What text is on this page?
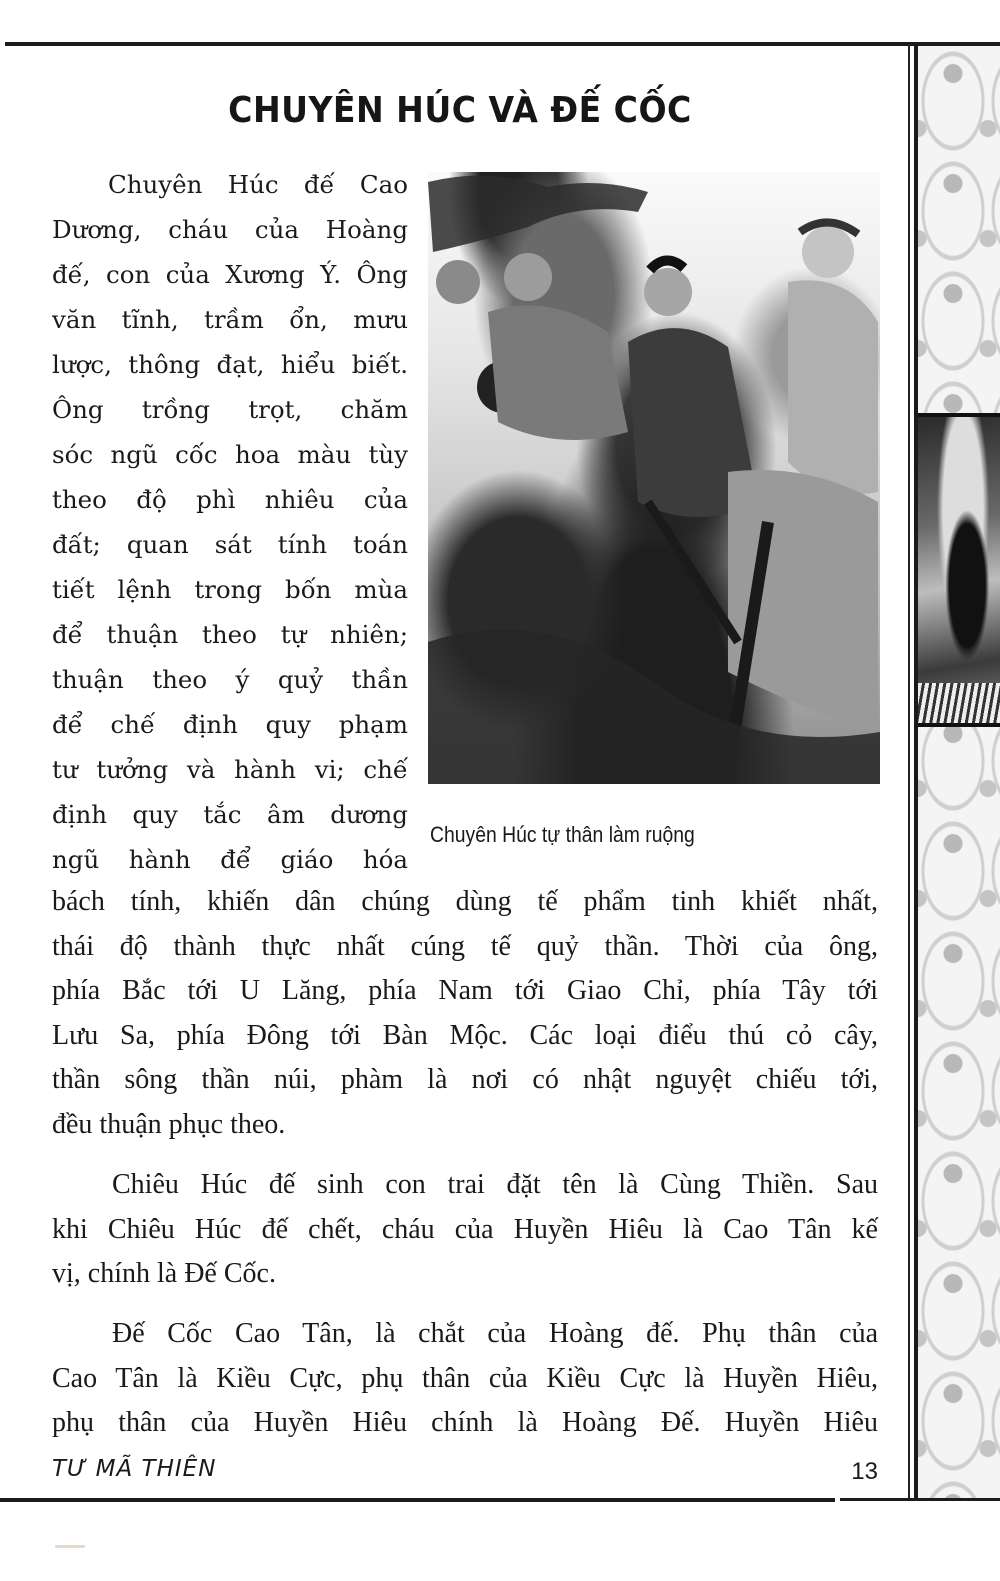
CHUYÊN HÚC VÀ ĐẾ CỐC
Chuyên Húc đế Cao
Dương, cháu của Hoàng
đế, con của Xương Ý. Ông
văn tĩnh, trầm ổn, mưu
lược, thông đạt, hiểu biết.
Ông trồng trọt, chăm
sóc ngũ cốc hoa màu tùy
theo độ phì nhiêu của
đất; quan sát tính toán
tiết lệnh trong bốn mùa
để thuận theo tự nhiên;
thuận theo ý quỷ thần
để chế định quy phạm
tư tưởng và hành vi; chế
định quy tắc âm dương
ngũ hành để giáo hóa
Chuyên Húc tự thân làm ruộng
bách tính, khiến dân chúng dùng tế phẩm tinh khiết nhất,
thái độ thành thực nhất cúng tế quỷ thần. Thời của ông,
phía Bắc tới U Lăng, phía Nam tới Giao Chỉ, phía Tây tới
Lưu Sa, phía Đông tới Bàn Mộc. Các loại điểu thú cỏ cây,
thần sông thần núi, phàm là nơi có nhật nguyệt chiếu tới,
đều thuận phục theo.
Chiêu Húc đế sinh con trai đặt tên là Cùng Thiền. Sau
khi Chiêu Húc đế chết, cháu của Huyền Hiêu là Cao Tân kế
vị, chính là Đế Cốc.
Đế Cốc Cao Tân, là chắt của Hoàng đế. Phụ thân của
Cao Tân là Kiều Cực, phụ thân của Kiều Cực là Huyền Hiêu,
phụ thân của Huyền Hiêu chính là Hoàng Đế. Huyền Hiêu
TƯ MÃ THIÊN	13
